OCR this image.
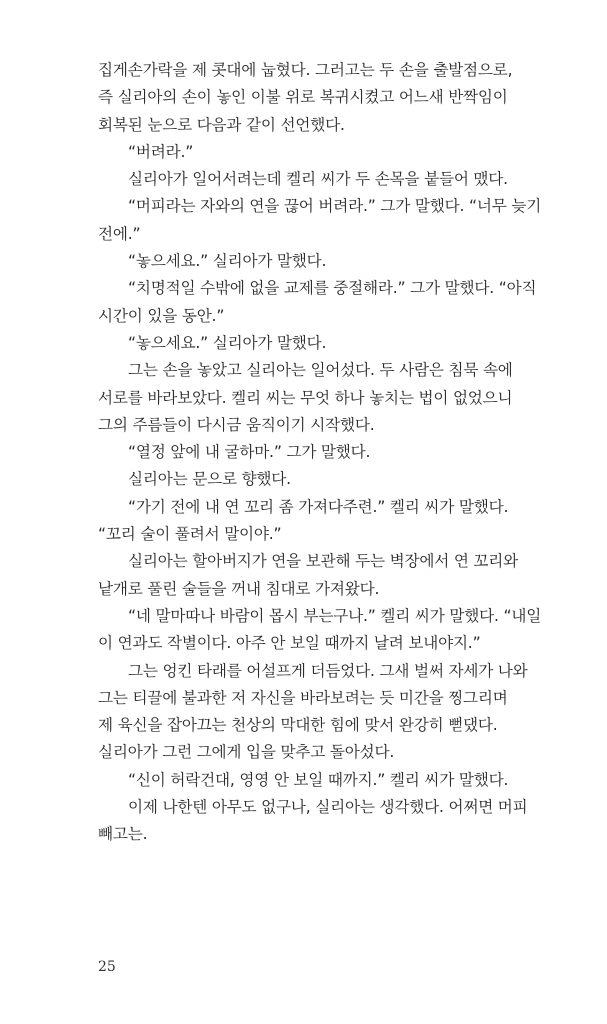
집게손가락을 제 콧대에 눕혔다. 그러고는 두 손을 출발점으로,
즉 실리아의 손이 놓인 이불 위로 복귀시켰고 어느새 반짝임이
회복된 눈으로 다음과 같이 선언했다.
“버려라.”
실리아가 일어서려는데 켈리 씨가 두 손목을 붙들어 맸다.
“머피라는 자와의 연을 끊어 버려라.” 그가 말했다. “너무 늦기
전에.”
“놓으세요.” 실리아가 말했다.
“치명적일 수밖에 없을 교제를 중절해라.” 그가 말했다. “아직
시간이 있을 동안.”
“놓으세요.” 실리아가 말했다.
그는 손을 놓았고 실리아는 일어섰다. 두 사람은 침묵 속에
서로를 바라보았다. 켈리 씨는 무엇 하나 놓치는 법이 없었으니
그의 주름들이 다시금 움직이기 시작했다.
“열정 앞에 내 굴하마.” 그가 말했다.
실리아는 문으로 향했다.
“가기 전에 내 연 꼬리 좀 가져다주련.” 켈리 씨가 말했다.
“꼬리 술이 풀려서 말이야.”
실리아는 할아버지가 연을 보관해 두는 벽장에서 연 꼬리와
낱개로 풀린 술들을 꺼내 침대로 가져왔다.
“네 말마따나 바람이 몹시 부는구나.” 켈리 씨가 말했다. “내일
이 연과도 작별이다. 아주 안 보일 때까지 날려 보내야지.”
그는 엉킨 타래를 어설프게 더듬었다. 그새 벌써 자세가 나와
그는 티끌에 불과한 저 자신을 바라보려는 듯 미간을 찡그리며
제 육신을 잡아끄는 천상의 막대한 힘에 맞서 완강히 뻗댔다.
실리아가 그런 그에게 입을 맞추고 돌아섰다.
“신이 허락건대, 영영 안 보일 때까지.” 켈리 씨가 말했다.
이제 나한텐 아무도 없구나, 실리아는 생각했다. 어쩌면 머피
빼고는.
25
